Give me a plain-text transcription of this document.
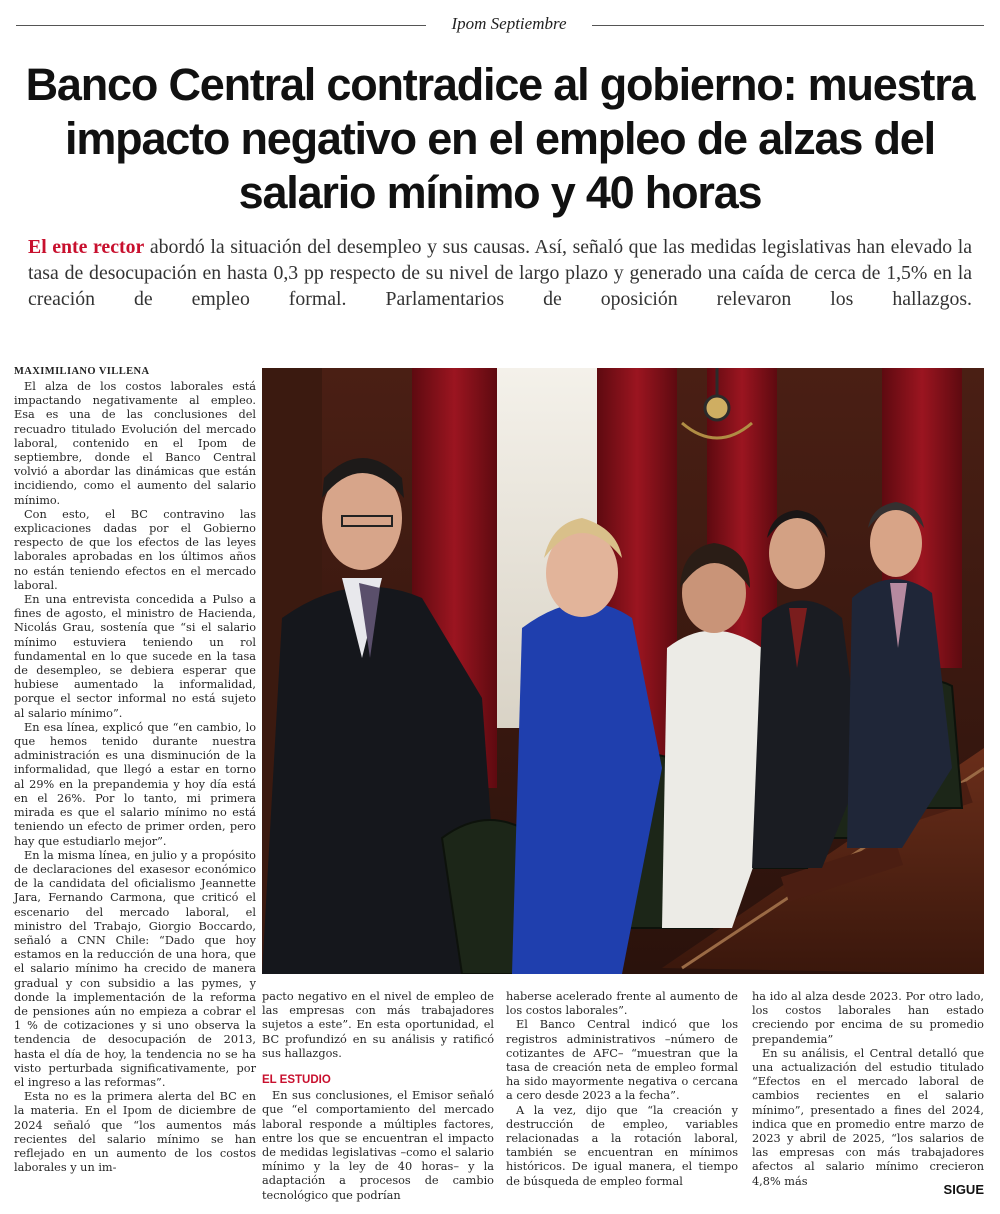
Ipom Septiembre
Banco Central contradice al gobierno: muestra impacto negativo en el empleo de alzas del salario mínimo y 40 horas

El ente rector abordó la situación del desempleo y sus causas. Así, señaló que las medidas legislativas han elevado la tasa de desocupación en hasta 0,3 pp respecto de su nivel de largo plazo y generado una caída de cerca de 1,5% en la creación de empleo formal. Parlamentarios de oposición relevaron los hallazgos.

MAXIMILIANO VILLENA

El alza de los costos laborales está impactando negativamente al empleo. Esa es una de las conclusiones del recuadro titulado Evolución del mercado laboral, contenido en el Ipom de septiembre, donde el Banco Central volvió a abordar las dinámicas que están incidiendo, como el aumento del salario mínimo.

Con esto, el BC contravino las explicaciones dadas por el Gobierno respecto de que los efectos de las leyes laborales aprobadas en los últimos años no están teniendo efectos en el mercado laboral.

En una entrevista concedida a Pulso a fines de agosto, el ministro de Hacienda, Nicolás Grau, sostenía que “si el salario mínimo estuviera teniendo un rol fundamental en lo que sucede en la tasa de desempleo, se debiera esperar que hubiese aumentado la informalidad, porque el sector informal no está sujeto al salario mínimo”.

En esa línea, explicó que “en cambio, lo que hemos tenido durante nuestra administración es una disminución de la informalidad, que llegó a estar en torno al 29% en la prepandemia y hoy día está en el 26%. Por lo tanto, mi primera mirada es que el salario mínimo no está teniendo un efecto de primer orden, pero hay que estudiarlo mejor”.

En la misma línea, en julio y a propósito de declaraciones del exasesor económico de la candidata del oficialismo Jeannette Jara, Fernando Carmona, que criticó el escenario del mercado laboral, el ministro del Trabajo, Giorgio Boccardo, señaló a CNN Chile: “Dado que hoy estamos en la reducción de una hora, que el salario mínimo ha crecido de manera gradual y con subsidio a las pymes, y donde la implementación de la reforma de pensiones aún no empieza a cobrar el 1 % de cotizaciones y si uno observa la tendencia de desocupación de 2013, hasta el día de hoy, la tendencia no se ha visto perturbada significativamente, por el ingreso a las reformas”.

Esta no es la primera alerta del BC en la materia. En el Ipom de diciembre de 2024 señaló que “los aumentos más recientes del salario mínimo se han reflejado en un aumento de los costos laborales y un im-

pacto negativo en el nivel de empleo de las empresas con más trabajadores sujetos a este”. En esta oportunidad, el BC profundizó en su análisis y ratificó sus hallazgos.

EL ESTUDIO

En sus conclusiones, el Emisor señaló que “el comportamiento del mercado laboral responde a múltiples factores, entre los que se encuentran el impacto de medidas legislativas –como el salario mínimo y la ley de 40 horas– y la adaptación a procesos de cambio tecnológico que podrían

haberse acelerado frente al aumento de los costos laborales”.

El Banco Central indicó que los registros administrativos –número de cotizantes de AFC– “muestran que la tasa de creación neta de empleo formal ha sido mayormente negativa o cercana a cero desde 2023 a la fecha”.

A la vez, dijo que “la creación y destrucción de empleo, variables relacionadas a la rotación laboral, también se encuentran en mínimos históricos. De igual manera, el tiempo de búsqueda de empleo formal

ha ido al alza desde 2023. Por otro lado, los costos laborales han estado creciendo por encima de su promedio prepandemia”

En su análisis, el Central detalló que una actualización del estudio titulado “Efectos en el mercado laboral de cambios recientes en el salario mínimo”, presentado a fines del 2024, indica que en promedio entre marzo de 2023 y abril de 2025, “los salarios de las empresas con más trabajadores afectos al salario mínimo crecieron 4,8% más

SIGUE
